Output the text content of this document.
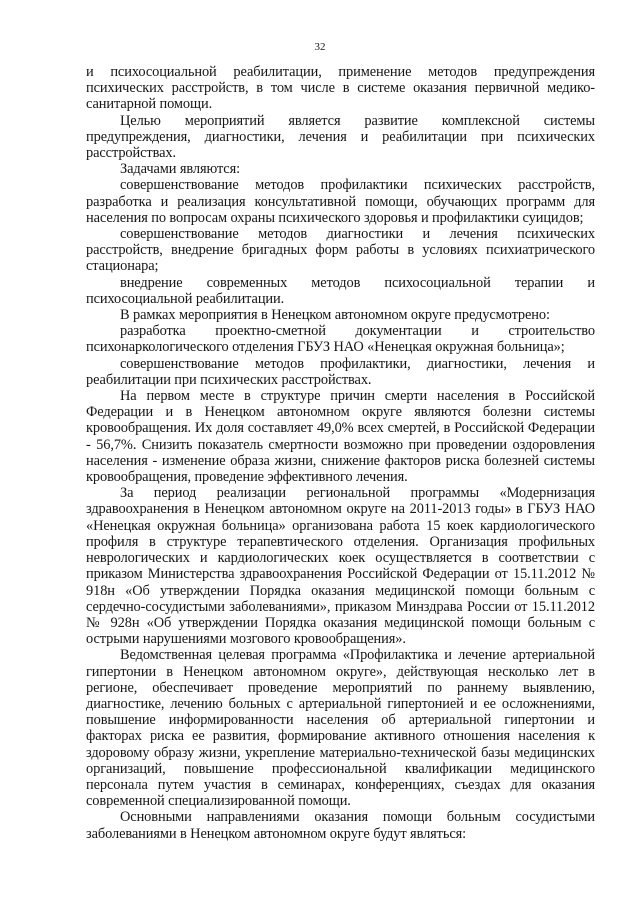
32

и психосоциальной реабилитации, применение методов предупреждения психических расстройств, в том числе в системе оказания первичной медико-санитарной помощи.

Целью мероприятий является развитие комплексной системы предупреждения, диагностики, лечения и реабилитации при психических расстройствах.

Задачами являются:

совершенствование методов профилактики психических расстройств, разработка и реализация консультативной помощи, обучающих программ для населения по вопросам охраны психического здоровья и профилактики суицидов;

совершенствование методов диагностики и лечения психических расстройств, внедрение бригадных форм работы в условиях психиатрического стационара;

внедрение современных методов психосоциальной терапии и психосоциальной реабилитации.

В рамках мероприятия в Ненецком автономном округе предусмотрено:

разработка проектно-сметной документации и строительство психонаркологического отделения ГБУЗ НАО «Ненецкая окружная больница»;

совершенствование методов профилактики, диагностики, лечения и реабилитации при психических расстройствах.

На первом месте в структуре причин смерти населения в Российской Федерации и в Ненецком автономном округе являются болезни системы кровообращения. Их доля составляет 49,0% всех смертей, в Российской Федерации - 56,7%. Снизить показатель смертности возможно при проведении оздоровления населения - изменение образа жизни, снижение факторов риска болезней системы кровообращения, проведение эффективного лечения.

За период реализации региональной программы «Модернизация здравоохранения в Ненецком автономном округе на 2011-2013 годы» в ГБУЗ НАО «Ненецкая окружная больница» организована работа 15 коек кардиологического профиля в структуре терапевтического отделения. Организация профильных неврологических и кардиологических коек осуществляется в соответствии с приказом Министерства здравоохранения Российской Федерации от 15.11.2012 № 918н «Об утверждении Порядка оказания медицинской помощи больным с сердечно-сосудистыми заболеваниями», приказом Минздрава России от 15.11.2012 № 928н «Об утверждении Порядка оказания медицинской помощи больным с острыми нарушениями мозгового кровообращения».

Ведомственная целевая программа «Профилактика и лечение артериальной гипертонии в Ненецком автономном округе», действующая несколько лет в регионе, обеспечивает проведение мероприятий по раннему выявлению, диагностике, лечению больных с артериальной гипертонией и ее осложнениями, повышение информированности населения об артериальной гипертонии и факторах риска ее развития, формирование активного отношения населения к здоровому образу жизни, укрепление материально-технической базы медицинских организаций, повышение профессиональной квалификации медицинского персонала путем участия в семинарах, конференциях, съездах для оказания современной специализированной помощи.

Основными направлениями оказания помощи больным сосудистыми заболеваниями в Ненецком автономном округе будут являться:
